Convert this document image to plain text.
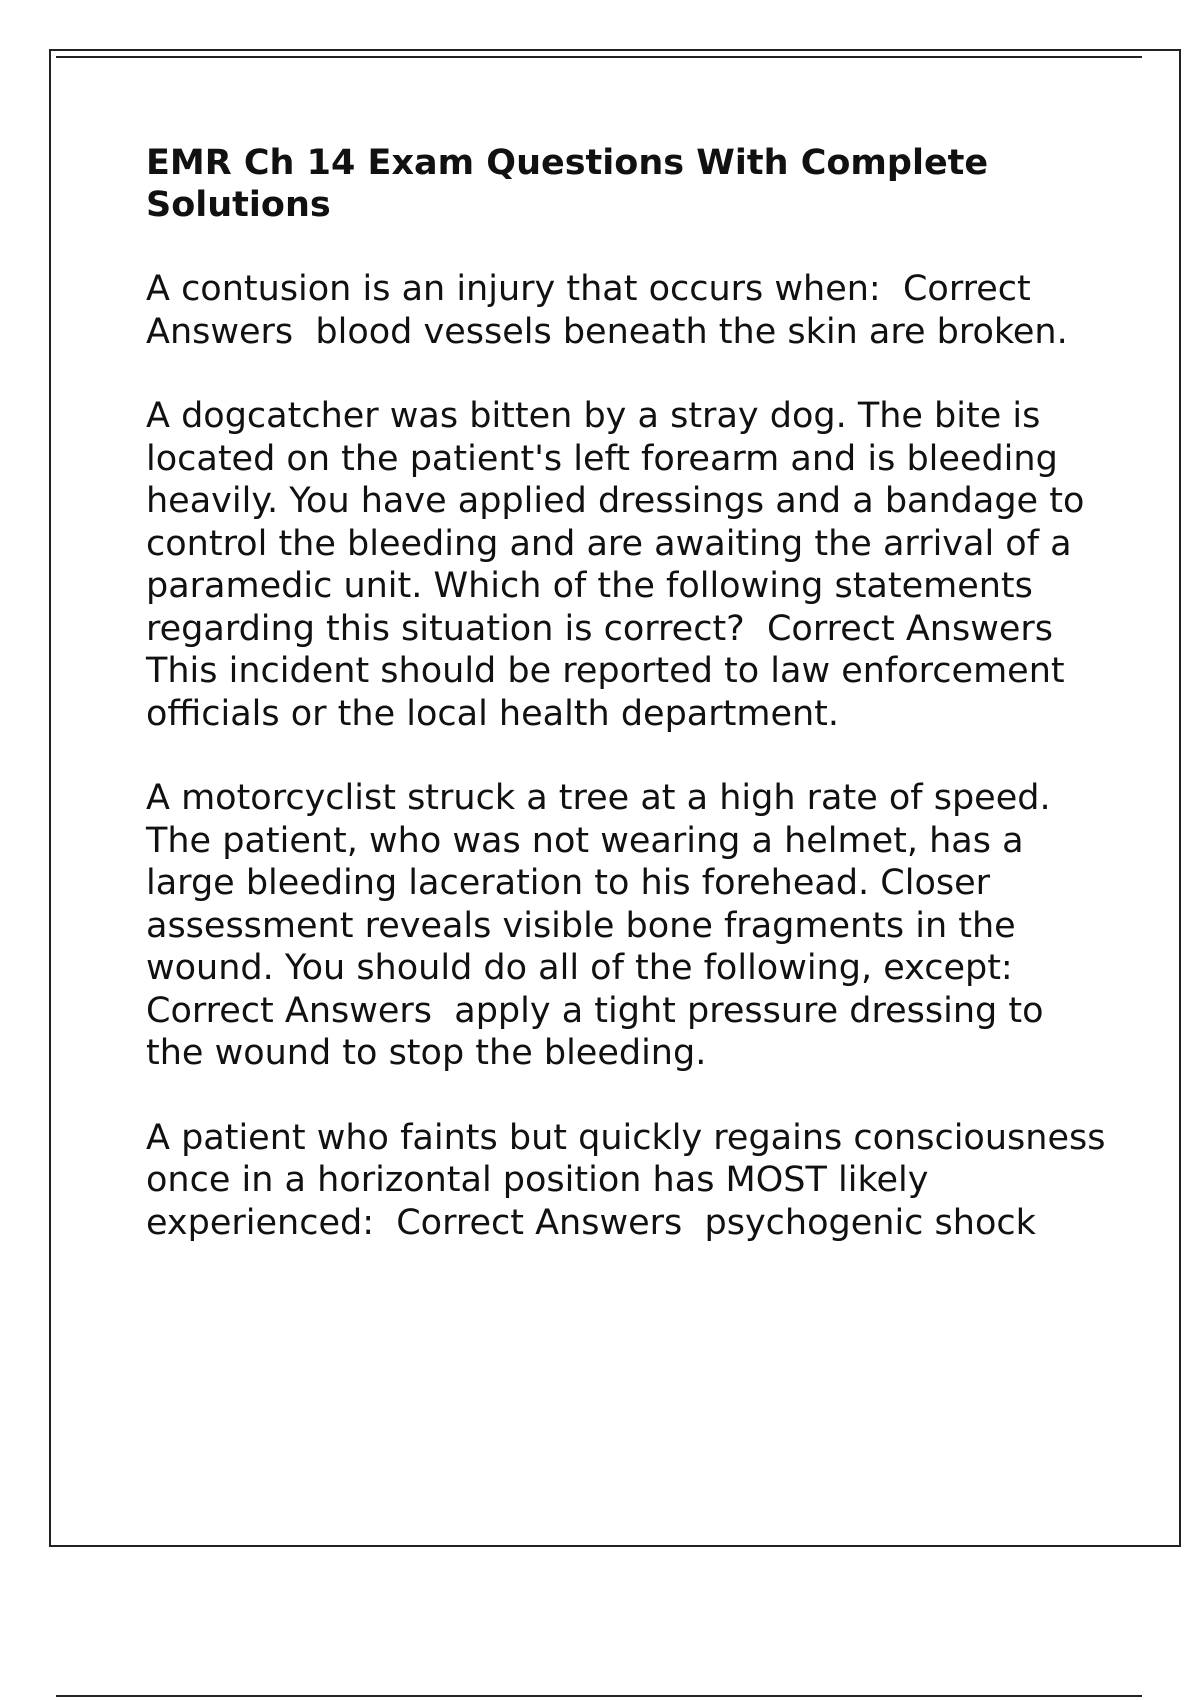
EMR Ch 14 Exam Questions With Complete Solutions

A contusion is an injury that occurs when:  Correct Answers  blood vessels beneath the skin are broken.

A dogcatcher was bitten by a stray dog. The bite is located on the patient's left forearm and is bleeding heavily. You have applied dressings and a bandage to control the bleeding and are awaiting the arrival of a paramedic unit. Which of the following statements regarding this situation is correct?  Correct Answers  This incident should be reported to law enforcement officials or the local health department.

A motorcyclist struck a tree at a high rate of speed. The patient, who was not wearing a helmet, has a large bleeding laceration to his forehead. Closer assessment reveals visible bone fragments in the wound. You should do all of the following, except:  Correct Answers  apply a tight pressure dressing to the wound to stop the bleeding.

A patient who faints but quickly regains consciousness once in a horizontal position has MOST likely experienced:  Correct Answers  psychogenic shock
